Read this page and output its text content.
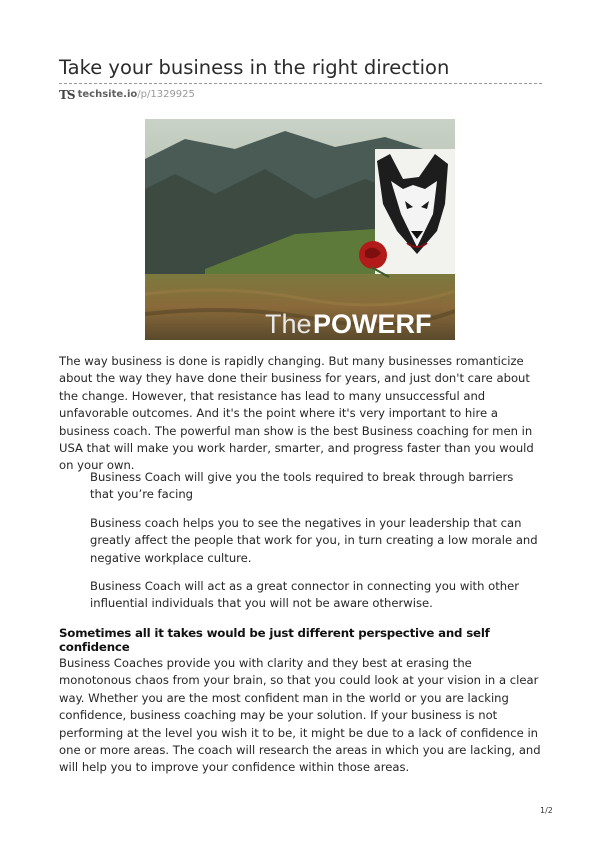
Take your business in the right direction
TS techsite.io /p/1329925
The POWERF

The way business is done is rapidly changing. But many businesses romanticize about the way they have done their business for years, and just don't care about the change. However, that resistance has lead to many unsuccessful and unfavorable outcomes. And it's the point where it's very important to hire a business coach. The powerful man show is the best Business coaching for men in USA that will make you work harder, smarter, and progress faster than you would on your own.

Business Coach will give you the tools required to break through barriers that you’re facing

Business coach helps you to see the negatives in your leadership that can greatly affect the people that work for you, in turn creating a low morale and negative workplace culture.

Business Coach will act as a great connector in connecting you with other influential individuals that you will not be aware otherwise.

Sometimes all it takes would be just different perspective and self confidence

Business Coaches provide you with clarity and they best at erasing the monotonous chaos from your brain, so that you could look at your vision in a clear way. Whether you are the most confident man in the world or you are lacking confidence, business coaching may be your solution. If your business is not performing at the level you wish it to be, it might be due to a lack of confidence in one or more areas. The coach will research the areas in which you are lacking, and will help you to improve your confidence within those areas.

1/2
